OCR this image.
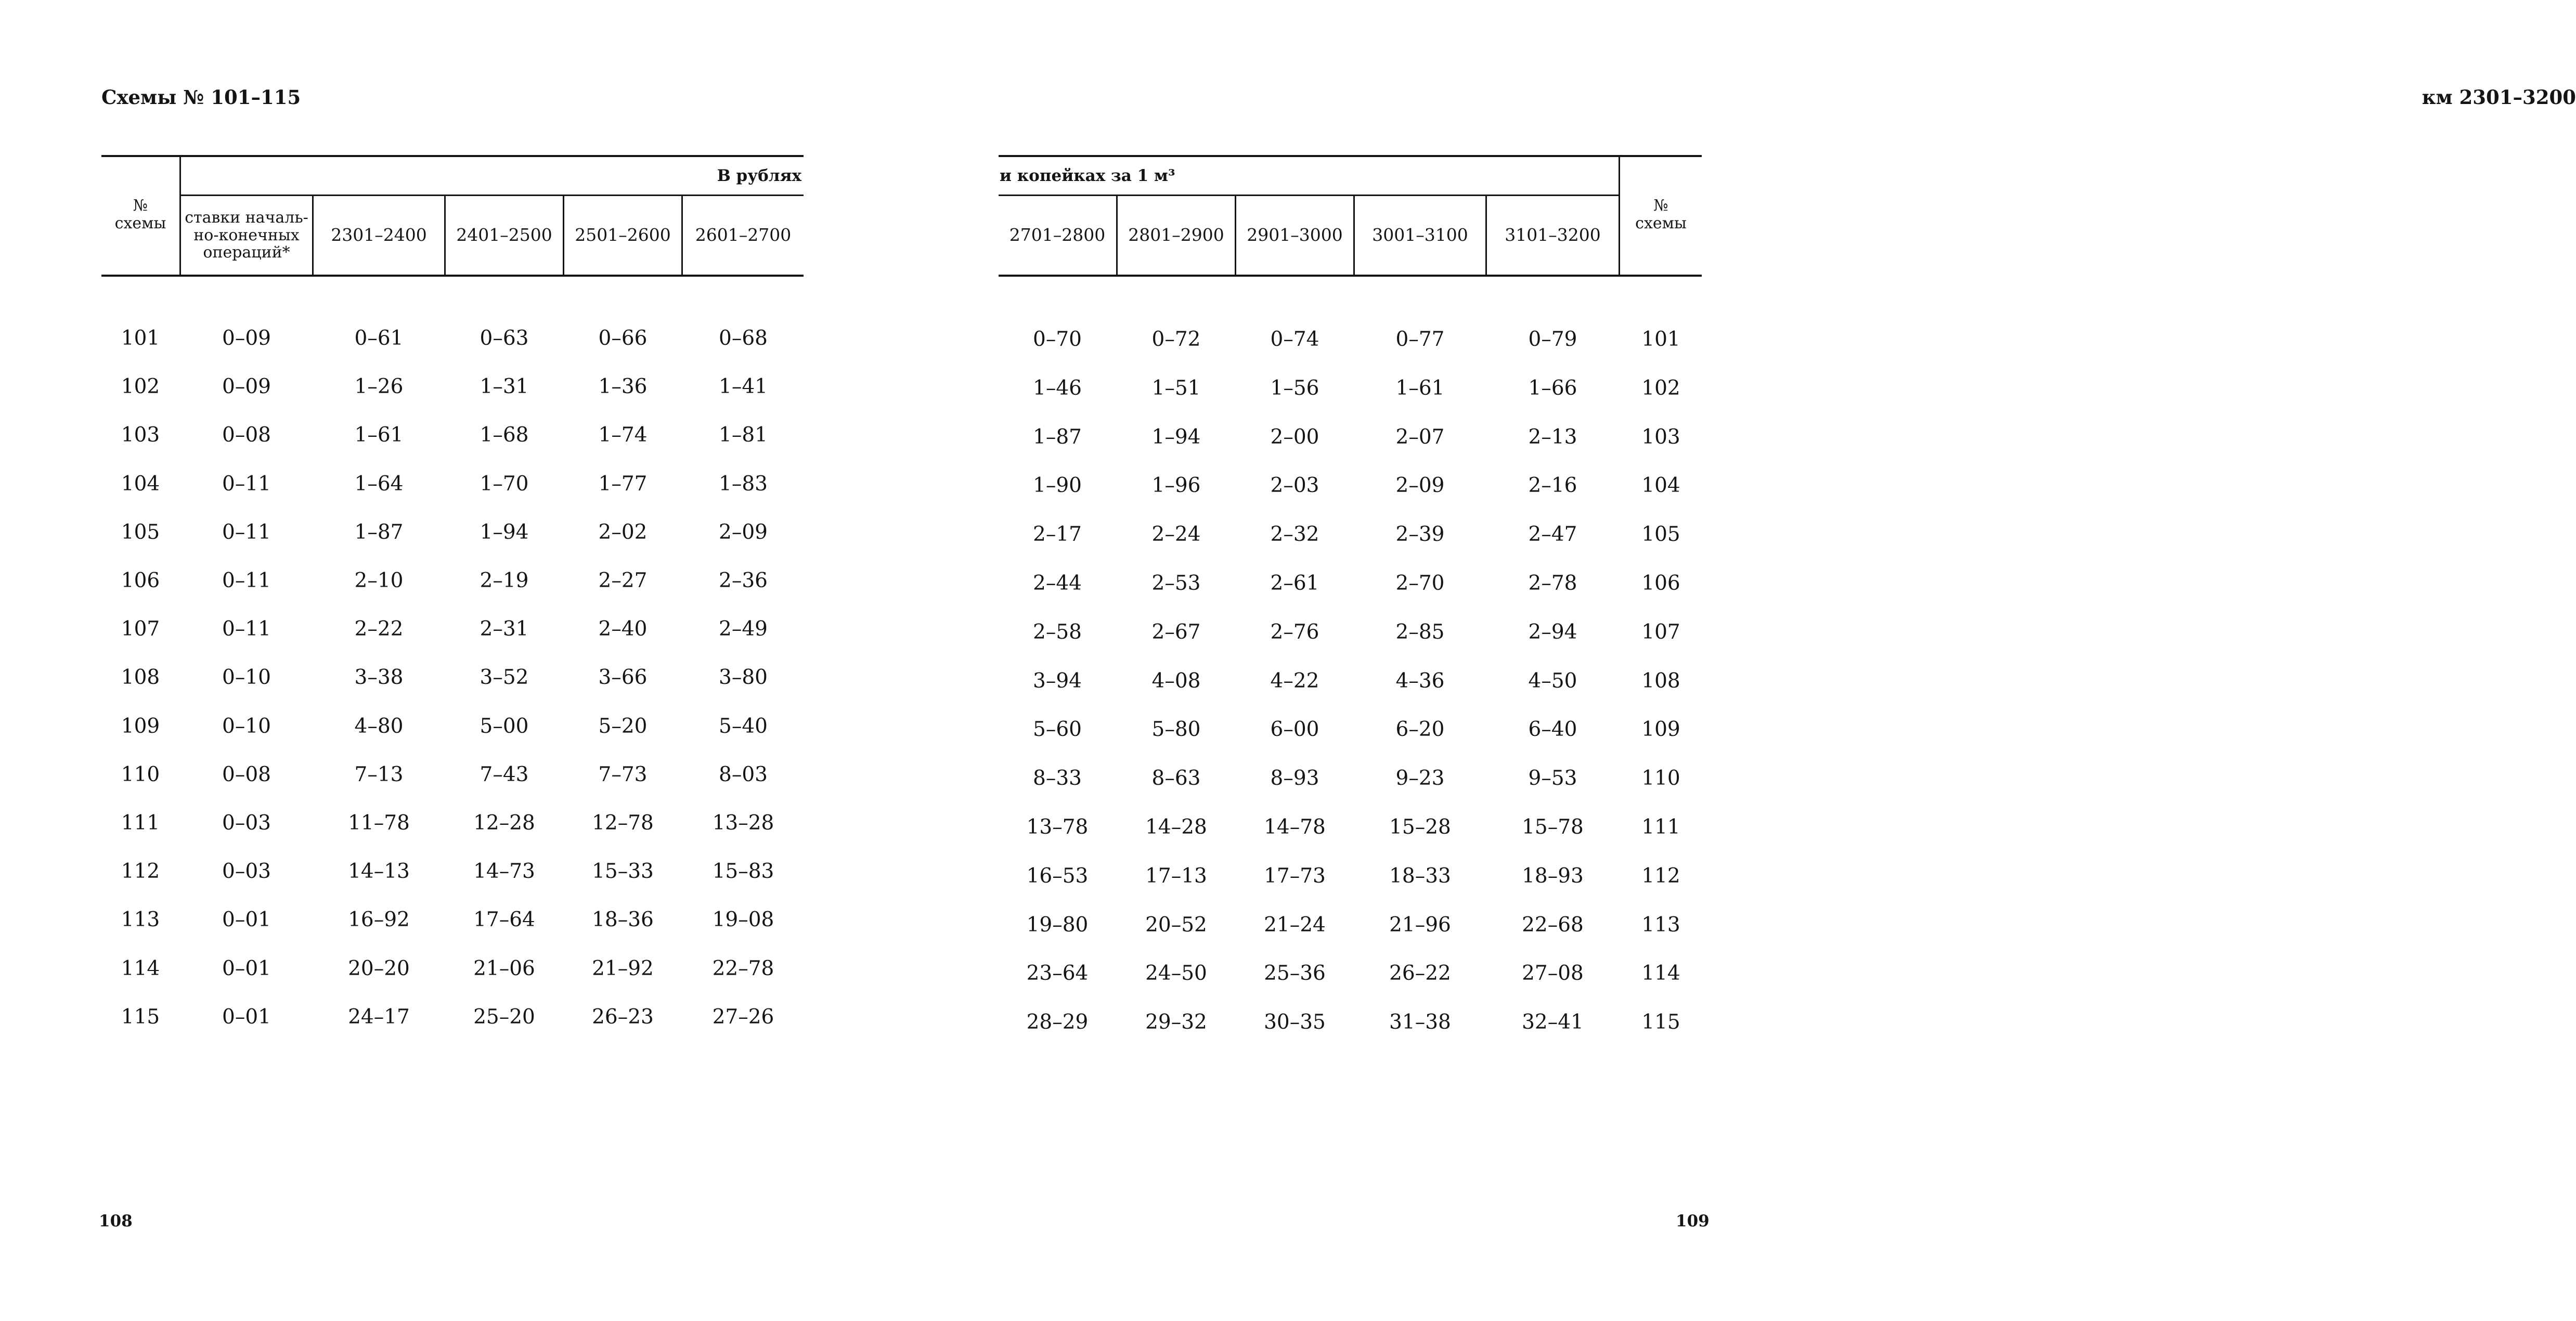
Схемы № 101–115
В рублях
№
схемы	ставки началь-
но-конечных
операций*
2301–2400	2401–2500	2501–2600	2601–2700
101	0–09	0–61	0–63	0–66	0–68
102	0–09	1–26	1–31	1–36	1–41
103	0–08	1–61	1–68	1–74	1–81
104	0–11	1–64	1–70	1–77	1–83
105	0–11	1–87	1–94	2–02	2–09
106	0–11	2–10	2–19	2–27	2–36
107	0–11	2–22	2–31	2–40	2–49
108	0–10	3–38	3–52	3–66	3–80
109	0–10	4–80	5–00	5–20	5–40
110	0–08	7–13	7–43	7–73	8–03
111	0–03	11–78	12–28	12–78	13–28
112	0–03	14–13	14–73	15–33	15–83
113	0–01	16–92	17–64	18–36	19–08
114	0–01	20–20	21–06	21–92	22–78
115	0–01	24–17	25–20	26–23	27–26
108
км 2301–3200
и копейках за 1 м³
2701–2800	2801–2900	2901–3000	3001–3100	3101–3200
№
схемы
0–70	0–72	0–74	0–77	0–79	101
1–46	1–51	1–56	1–61	1–66	102
1–87	1–94	2–00	2–07	2–13	103
1–90	1–96	2–03	2–09	2–16	104
2–17	2–24	2–32	2–39	2–47	105
2–44	2–53	2–61	2–70	2–78	106
2–58	2–67	2–76	2–85	2–94	107
3–94	4–08	4–22	4–36	4–50	108
5–60	5–80	6–00	6–20	6–40	109
8–33	8–63	8–93	9–23	9–53	110
13–78	14–28	14–78	15–28	15–78	111
16–53	17–13	17–73	18–33	18–93	112
19–80	20–52	21–24	21–96	22–68	113
23–64	24–50	25–36	26–22	27–08	114
28–29	29–32	30–35	31–38	32–41	115
109
